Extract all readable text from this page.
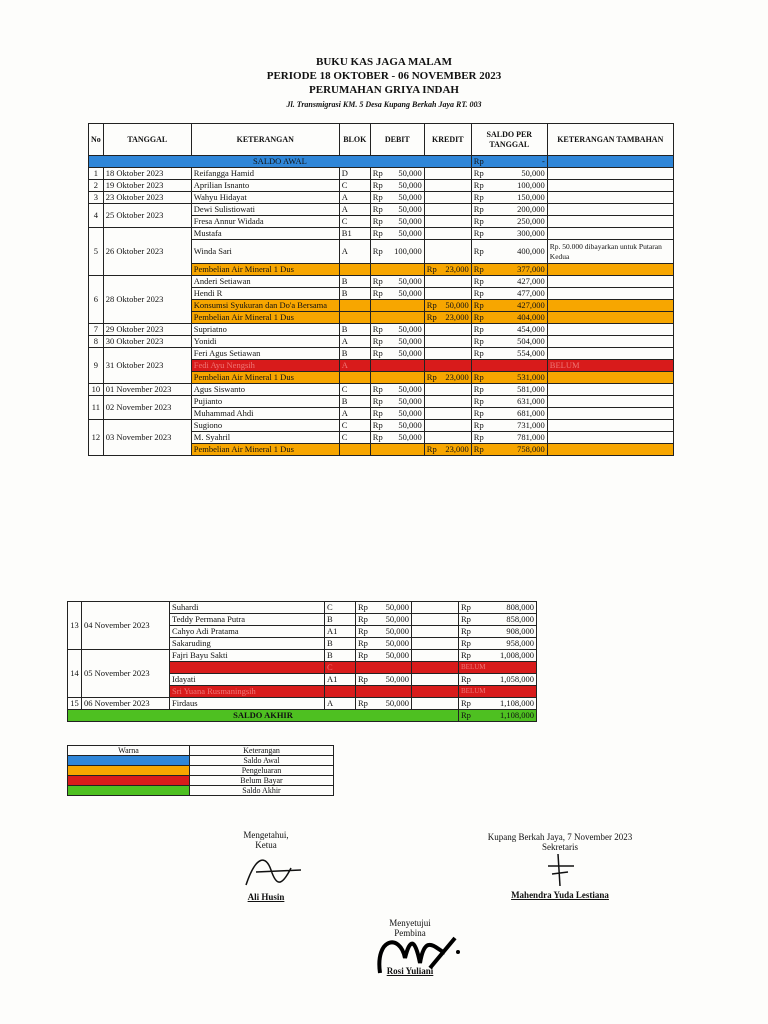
BUKU KAS JAGA MALAM
PERIODE 18 OKTOBER - 06 NOVEMBER 2023
PERUMAHAN GRIYA INDAH
Jl. Transmigrasi KM. 5 Desa Kupang Berkah Jaya RT. 003
No	TANGGAL	KETERANGAN	BLOK	DEBIT	KREDIT	SALDO PER TANGGAL	KETERANGAN TAMBAHAN
SALDO AWAL						Rp -	

1	18 Oktober 2023	Reifangga Hamid	D	Rp 50,000		Rp 50,000	

2	19 Oktober 2023	Aprilian Isnanto	C	Rp 50,000		Rp 100,000	

3	23 Oktober 2023	Wahyu Hidayat	A	Rp 50,000		Rp 150,000	

4	25 Oktober 2023	Dewi Sulistiowati	A	Rp 50,000		Rp 200,000	

		Fresa Annur Widada	C	Rp 50,000		Rp 250,000	

5	26 Oktober 2023	Mustafa	B1	Rp 50,000		Rp 300,000	

		Winda Sari	A	Rp 100,000		Rp 400,000	Rp. 50.000 dibayarkan untuk Putaran Kedua
		Pembelian Air Mineral 1 Dus			Rp 23,000	Rp 377,000	

6	28 Oktober 2023	Anderi Setiawan	B	Rp 50,000		Rp 427,000	

		Hendi R	B	Rp 50,000		Rp 477,000	

		Konsumsi Syukuran dan Do'a Bersama			Rp 50,000	Rp 427,000	

		Pembelian Air Mineral 1 Dus			Rp 23,000	Rp 404,000	

7	29 Oktober 2023	Supriatno	B	Rp 50,000		Rp 454,000	

8	30 Oktober 2023	Yonidi	A	Rp 50,000		Rp 504,000	

9	31 Oktober 2023	Feri Agus Setiawan	B	Rp 50,000		Rp 554,000	

		Fedi Ayu Nengsih	A				BELUM
		Pembelian Air Mineral 1 Dus			Rp 23,000	Rp 531,000	

10	01 November 2023	Agus Siswanto	C	Rp 50,000		Rp 581,000	

11	02 November 2023	Pujianto	B	Rp 50,000		Rp 631,000	

		Muhammad Ahdi	A	Rp 50,000		Rp 681,000	

12	03 November 2023	Sugiono	C	Rp 50,000		Rp 731,000	

		M. Syahril	C	Rp 50,000		Rp 781,000	

		Pembelian Air Mineral 1 Dus			Rp 23,000	Rp 758,000	

13	04 November 2023	Suhardi	C	Rp 50,000		Rp 808,000

		Teddy Permana Putra	B	Rp 50,000		Rp 858,000

		Cahyo Adi Pratama	A1	Rp 50,000		Rp 908,000

		Sakaruding	B	Rp 50,000		Rp 958,000

14	05 November 2023	Fajri Bayu Sakti	B	Rp 50,000		Rp 1,008,000

			C			BELUM
		Idayati	A1	Rp 50,000		Rp 1,058,000

		Sri Yuana Rusmaningsih				BELUM
15	06 November 2023	Firdaus	A	Rp 50,000		Rp 1,108,000

SALDO AKHIR						Rp 1,108,000
Warna	Keterangan
	Saldo Awal
	Pengeluaran
	Belum Bayar
	Saldo Akhir
Mengetahui,
Ketua
Ali Husin
Kupang Berkah Jaya, 7 November 2023
Sekretaris
Mahendra Yuda Lestiana
Menyetujui
Pembina
Rosi Yuliani
